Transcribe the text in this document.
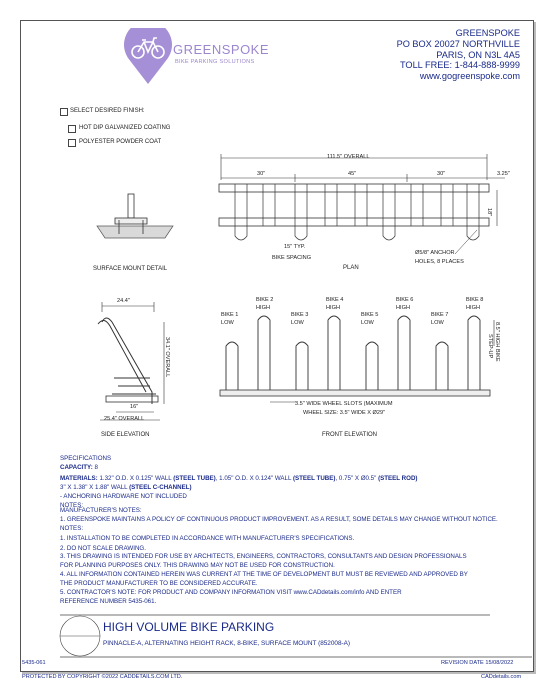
GREENSPOKE
BIKE PARKING SOLUTIONS
GREENSPOKE
PO BOX 20027 NORTHVILLE
PARIS, ON N3L 4A5
TOLL FREE: 1-844-888-9999
www.gogreenspoke.com
SELECT DESIRED FINISH:
HOT DIP GALVANIZED COATING
POLYESTER POWDER COAT
SURFACE MOUNT DETAIL
111.5" OVERALL
30"	45"	30"	3.25"
18"
15" TYP.
BIKE SPACING
Ø5/8" ANCHOR
HOLES, 8 PLACES
PLAN
24.4"
34.1" OVERALL
16"
25.4" OVERALL
SIDE ELEVATION
BIKE 1
LOW
BIKE 2
HIGH
BIKE 3
LOW
BIKE 4
HIGH
BIKE 5
LOW
BIKE 6
HIGH
BIKE 7
LOW
BIKE 8
HIGH
8.5" HIGH BIKE
STEP-UP
3.5" WIDE WHEEL SLOTS (MAXIMUM
WHEEL SIZE: 3.5" WIDE X Ø29"
FRONT ELEVATION
SPECIFICATIONS
CAPACITY: 8
MATERIALS: 1.32" O.D. X 0.125" WALL (STEEL TUBE), 1.05" O.D. X 0.124" WALL (STEEL TUBE), 0.75" X Ø0.5" (STEEL ROD)
3" X 1.38" X 1.88" WALL (STEEL C-CHANNEL)
- ANCHORING HARDWARE NOT INCLUDED
NOTES:
MANUFACTURER'S NOTES:
1. GREENSPOKE MAINTAINS A POLICY OF CONTINUOUS PRODUCT IMPROVEMENT. AS A RESULT, SOME DETAILS MAY CHANGE WITHOUT NOTICE.
NOTES:
1. INSTALLATION TO BE COMPLETED IN ACCORDANCE WITH MANUFACTURER'S SPECIFICATIONS.
2. DO NOT SCALE DRAWING.
3. THIS DRAWING IS INTENDED FOR USE BY ARCHITECTS, ENGINEERS, CONTRACTORS, CONSULTANTS AND DESIGN PROFESSIONALS
FOR PLANNING PURPOSES ONLY. THIS DRAWING MAY NOT BE USED FOR CONSTRUCTION.
4. ALL INFORMATION CONTAINED HEREIN WAS CURRENT AT THE TIME OF DEVELOPMENT BUT MUST BE REVIEWED AND APPROVED BY
THE PRODUCT MANUFACTURER TO BE CONSIDERED ACCURATE.
5. CONTRACTOR'S NOTE: FOR PRODUCT AND COMPANY INFORMATION VISIT www.CADdetails.com/info AND ENTER
REFERENCE NUMBER 5435-061.
HIGH VOLUME BIKE PARKING
PINNACLE-A, ALTERNATING HEIGHT RACK, 8-BIKE, SURFACE MOUNT (852008-A)
5435-061	REVISION DATE 15/08/2022
PROTECTED BY COPYRIGHT ©2022 CADDETAILS.COM LTD.	CADdetails.com
